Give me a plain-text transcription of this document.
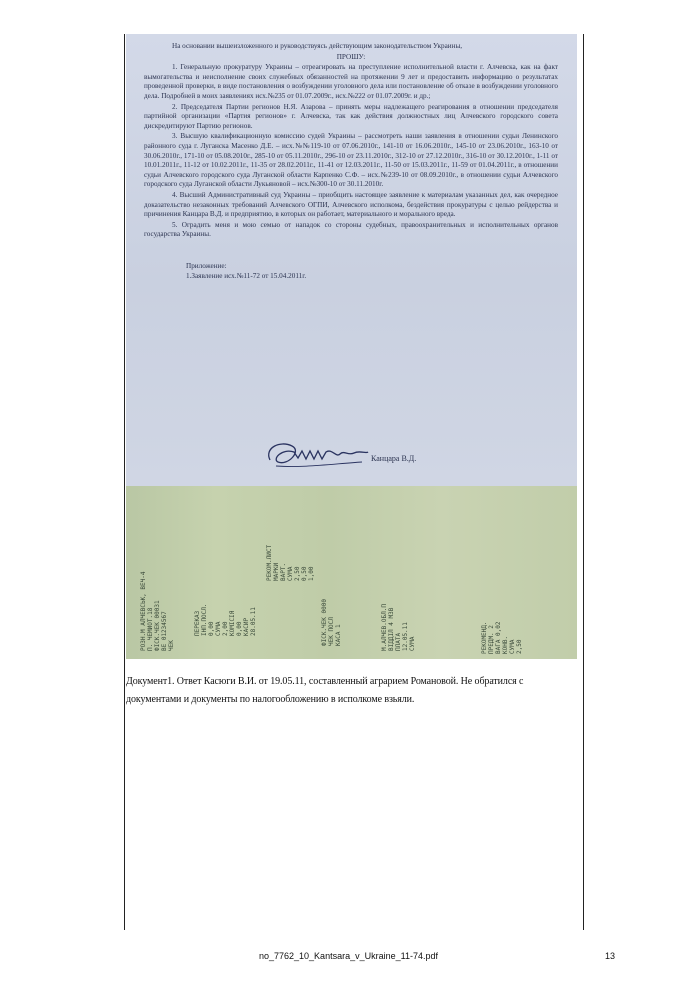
На основании вышеизложенного и руководствуясь действующим законодательством Украины,

ПРОШУ:

1. Генеральную прокуратуру Украины – отреагировать на преступление исполнительной власти г. Алчевска, как на факт вымогательства и неисполнение своих служебных обязанностей на протяжении 9 лет и предоставить информацию о результатах проведенной проверки, в виде постановления о возбуждении уголовного дела или постановление об отказе в возбуждении уголовного дела. Подробней в моих заявлениях исх.№235 от 01.07.2009г., исх.№222 от 01.07.2009г. и др.;

2. Председателя Партии регионов Н.Я. Азарова – принять меры надлежащего реагирования в отношении председателя партийной организации «Партия регионов» г. Алчевска, так как действия должностных лиц Алчевского городского совета дискредитируют Партию регионов.

3. Высшую квалификационную комиссию судей Украины – рассмотреть наши заявления в отношении судьи Ленинского районного суда г. Луганска Масенко Д.Е. – исх.№№119-10 от 07.06.2010г., 141-10 от 16.06.2010г., 145-10 от 23.06.2010г., 163-10 от 30.06.2010г., 171-10 от 05.08.2010г., 285-10 от 05.11.2010г., 296-10 от 23.11.2010г., 312-10 от 27.12.2010г., 316-10 от 30.12.2010г., 1-11 от 10.01.2011г., 11-12 от 10.02.2011г., 11-35 от 28.02.2011г., 11-41 от 12.03.2011г., 11-50 от 15.03.2011г., 11-59 от 01.04.2011г., в отношении судьи Алчевского городского суда Луганской области Карпенко С.Ф. – исх.№239-10 от 08.09.2010г., в отношении судьи Алчевского городского суда Луганской области Лукьяновой – исх.№300-10 от 30.11.2010г.

4. Высший Административный суд Украины – приобщить настоящее заявление к материалам указанных дел, как очередное доказательство незаконных требований Алчевского ОГПИ, Алчевского исполкома, бездействия прокуратуры с целью рейдерства и причинения Канцара В.Д. и предприятию, в которых он работает, материального и морального вреда.

5. Оградить меня и мою семью от нападок со стороны судебных, правоохранительных и исполнительных органов государства Украины.

Приложение:

1.Заявление исх.№11-72 от 15.04.2011г.

Канцара В.Д.
РОЗН.М АЛЧЕВСЬК, ВЕЧ-4
П. ЧЕМИОТ.18
ФІСК.ЧЕК 00031
ВЕ 01234567
ЧЕК
ПЕРЕКАЗ
ІНП.ПОСЛ.
0,00
СУМА
2,00
КОМІСІЯ
0,00
КАСИР
28.05.11
РЕКОМ.ЛИСТ
МАРКИ
ВАРТ.
СУМА
2,50
0,50
1,00
ФІСК.ЧЕК 0000
ЧЕК ПОСЛ
КАСА 1	М.АЛЧЕВ.ОБЛ.П
ВІДДІЛ 4 МЗВ
ПЛАТА
12.05.11
СУМА	РЕКОМЕНД.
ПРЕДМ. 2
ВАГА 0,02
КОНВ.
СУМА
2,50
Документ1. Ответ Касюги В.И. от 19.05.11, составленный аграрием Романовой. Не обратился с документами и документы по налогообложению в исполкоме взьяли.
no_7762_10_Kantsara_v_Ukraine_11-74.pdf	13
